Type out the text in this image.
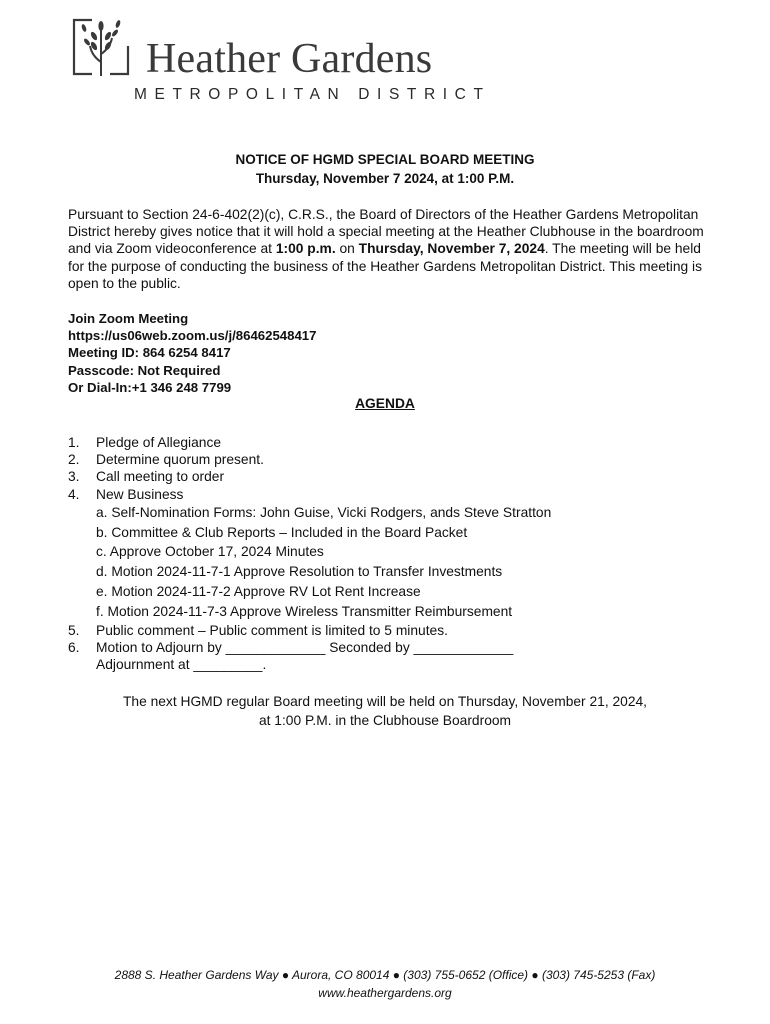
Heather Gardens
METROPOLITAN DISTRICT
NOTICE OF HGMD SPECIAL BOARD MEETING
Thursday, November 7 2024, at 1:00 P.M.
Pursuant to Section 24-6-402(2)(c), C.R.S., the Board of Directors of the Heather Gardens Metropolitan District hereby gives notice that it will hold a special meeting at the Heather Clubhouse in the boardroom and via Zoom videoconference at 1:00 p.m. on Thursday, November 7, 2024. The meeting will be held for the purpose of conducting the business of the Heather Gardens Metropolitan District. This meeting is open to the public.
Join Zoom Meeting
https://us06web.zoom.us/j/86462548417
Meeting ID: 864 6254 8417
Passcode: Not Required
Or Dial-In:+1 346 248 7799
AGENDA
1.	Pledge of Allegiance
2.	Determine quorum present.
3.	Call meeting to order
4.	New Business
a. Self-Nomination Forms: John Guise, Vicki Rodgers, ands Steve Stratton
b. Committee & Club Reports – Included in the Board Packet
c. Approve October 17, 2024 Minutes
d. Motion 2024-11-7-1 Approve Resolution to Transfer Investments
e. Motion 2024-11-7-2 Approve RV Lot Rent Increase
f. Motion 2024-11-7-3 Approve Wireless Transmitter Reimbursement
5.	Public comment – Public comment is limited to 5 minutes.
6.	Motion to Adjourn by _____________ Seconded by _____________
Adjournment at _________.
The next HGMD regular Board meeting will be held on Thursday, November 21, 2024,
at 1:00 P.M. in the Clubhouse Boardroom
2888 S. Heather Gardens Way ● Aurora, CO 80014 ● (303) 755-0652 (Office) ● (303) 745-5253 (Fax)
www.heathergardens.org
